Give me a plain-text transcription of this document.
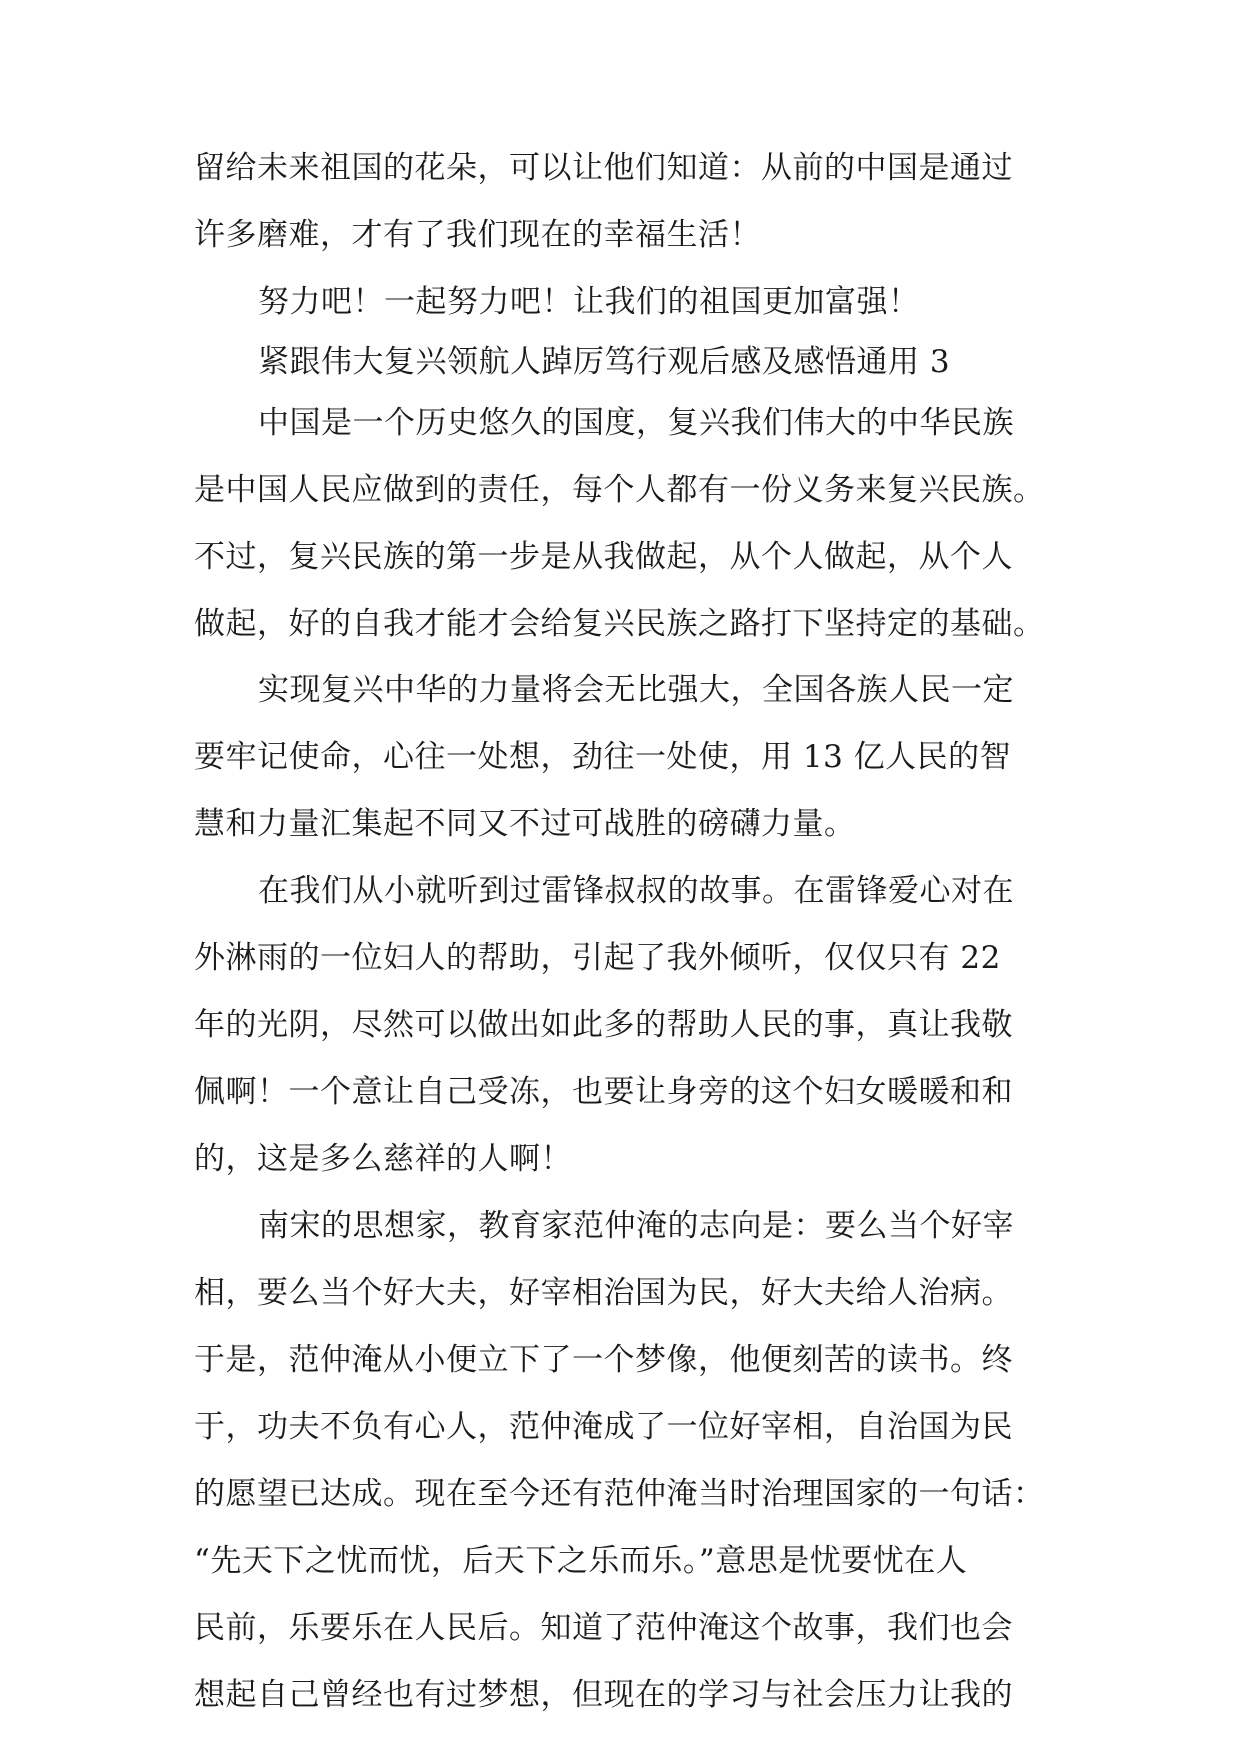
留给未来祖国的花朵，可以让他们知道：从前的中国是通过
许多磨难，才有了我们现在的幸福生活！
努力吧！一起努力吧！让我们的祖国更加富强！
紧跟伟大复兴领航人踔厉笃行观后感及感悟通用 3
中国是一个历史悠久的国度，复兴我们伟大的中华民族
是中国人民应做到的责任，每个人都有一份义务来复兴民族。
不过，复兴民族的第一步是从我做起，从个人做起，从个人
做起，好的自我才能才会给复兴民族之路打下坚持定的基础。
实现复兴中华的力量将会无比强大，全国各族人民一定
要牢记使命，心往一处想，劲往一处使，用 13 亿人民的智
慧和力量汇集起不同又不过可战胜的磅礴力量。
在我们从小就听到过雷锋叔叔的故事。在雷锋爱心对在
外淋雨的一位妇人的帮助，引起了我外倾听，仅仅只有 22
年的光阴，尽然可以做出如此多的帮助人民的事，真让我敬
佩啊！一个意让自己受冻，也要让身旁的这个妇女暖暖和和
的，这是多么慈祥的人啊！
南宋的思想家，教育家范仲淹的志向是：要么当个好宰
相，要么当个好大夫，好宰相治国为民，好大夫给人治病。
于是，范仲淹从小便立下了一个梦像，他便刻苦的读书。终
于，功夫不负有心人，范仲淹成了一位好宰相，自治国为民
的愿望已达成。现在至今还有范仲淹当时治理国家的一句话：
“先天下之忧而忧，后天下之乐而乐。”意思是忧要忧在人
民前，乐要乐在人民后。知道了范仲淹这个故事，我们也会
想起自己曾经也有过梦想，但现在的学习与社会压力让我的
